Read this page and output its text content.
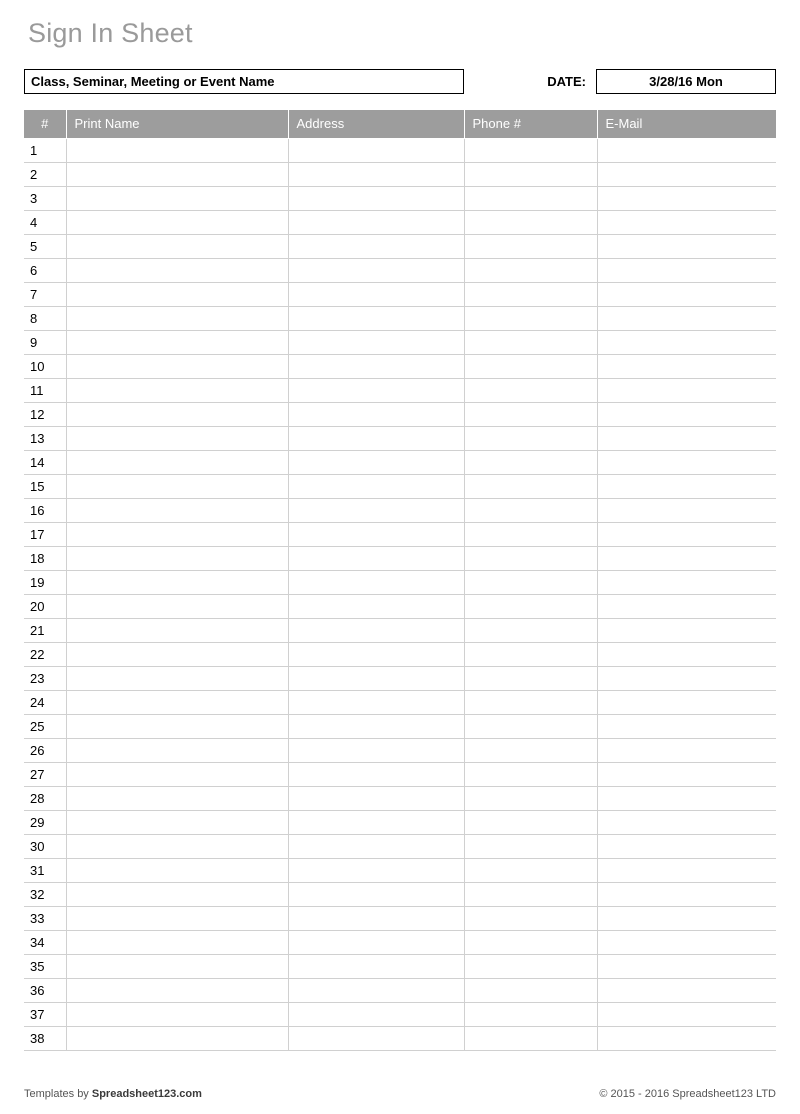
Sign In Sheet
Class, Seminar, Meeting or Event Name	DATE:	3/28/16 Mon
#	Print Name	Address	Phone #	E-Mail
1				
2				
3				
4				
5				
6				
7				
8				
9				
10				
11				
12				
13				
14				
15				
16				
17				
18				
19				
20				
21				
22				
23				
24				
25				
26				
27				
28				
29				
30				
31				
32				
33				
34				
35				
36				
37				
38				
Templates by Spreadsheet123.com	© 2015 - 2016 Spreadsheet123 LTD
